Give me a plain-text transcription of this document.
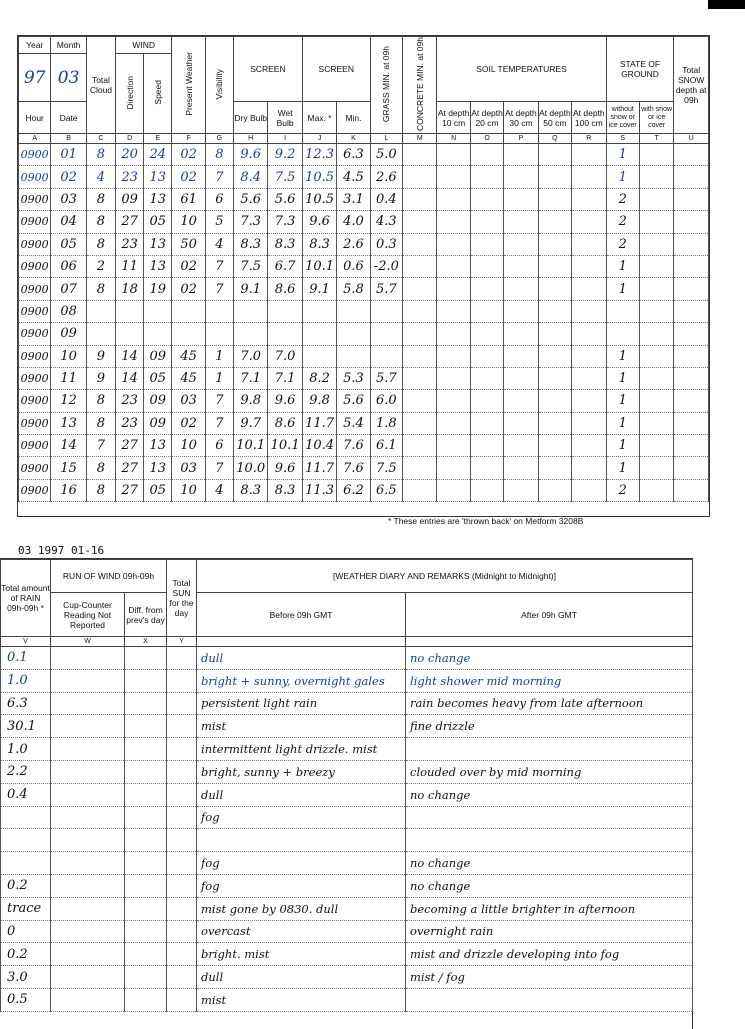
Year	Month	Total Cloud	WIND		Present Weather	Visibility	SCREEN		SCREEN		GRASS MIN. at 09h	CONCRETE MIN. at 09h	SOIL TEMPERATURES					STATE OF GROUND		Total SNOW depth at 09h
97	03		Direction	Speed																
Hour	Date						Dry Bulb	Wet Bulb	Max. *	Min.			At depth 10 cm	At depth 20 cm	At depth 30 cm	At depth 50 cm	At depth 100 cm	without snow or ice cover	with snow or ice cover	
A	B	C	D	E	F	G	H	I	J	K	L	M	N	O	P	Q	R	S	T	U
0900	01	8	20	24	02	8	9.6	9.2	12.3	6.3	5.0							1		
0900	02	4	23	13	02	7	8.4	7.5	10.5	4.5	2.6							1		
0900	03	8	09	13	61	6	5.6	5.6	10.5	3.1	0.4							2		
0900	04	8	27	05	10	5	7.3	7.3	9.6	4.0	4.3							2		
0900	05	8	23	13	50	4	8.3	8.3	8.3	2.6	0.3							2		
0900	06	2	11	13	02	7	7.5	6.7	10.1	0.6	-2.0							1		
0900	07	8	18	19	02	7	9.1	8.6	9.1	5.8	5.7							1		
0900	08																			
0900	09																			
0900	10	9	14	09	45	1	7.0	7.0										1		
0900	11	9	14	05	45	1	7.1	7.1	8.2	5.3	5.7							1		
0900	12	8	23	09	03	7	9.8	9.6	9.8	5.6	6.0							1		
0900	13	8	23	09	02	7	9.7	8.6	11.7	5.4	1.8							1		
0900	14	7	27	13	10	6	10.1	10.1	10.4	7.6	6.1							1		
0900	15	8	27	13	03	7	10.0	9.6	11.7	7.6	7.5							1		
0900	16	8	27	05	10	4	8.3	8.3	11.3	6.2	6.5							2		
* These entries are 'thrown back' on Metform 3208B
03 1997 01-16
Total amount of RAIN 09h-09h *	RUN OF WIND 09h-09h		Total SUN for the day	[WEATHER DIARY AND REMARKS (Midnight to Midnight)]	
	Cup-Counter Reading Not Reported	Diff. from prev's day		Before 09h GMT	After 09h GMT
V	W	X	Y		
0.1				dull	no change
1.0				bright + sunny, overnight gales	light shower mid morning
6.3				persistent light rain	rain becomes heavy from late afternoon
30.1				mist	fine drizzle
1.0				intermittent light drizzle. mist	
2.2				bright, sunny + breezy	clouded over by mid morning
0.4				dull	no change
				fog	

				fog	no change
0.2				fog	no change
trace				mist gone by 0830. dull	becoming a little brighter in afternoon
0				overcast	overnight rain
0.2				bright. mist	mist and drizzle developing into fog
3.0				dull	mist / fog
0.5				mist	
